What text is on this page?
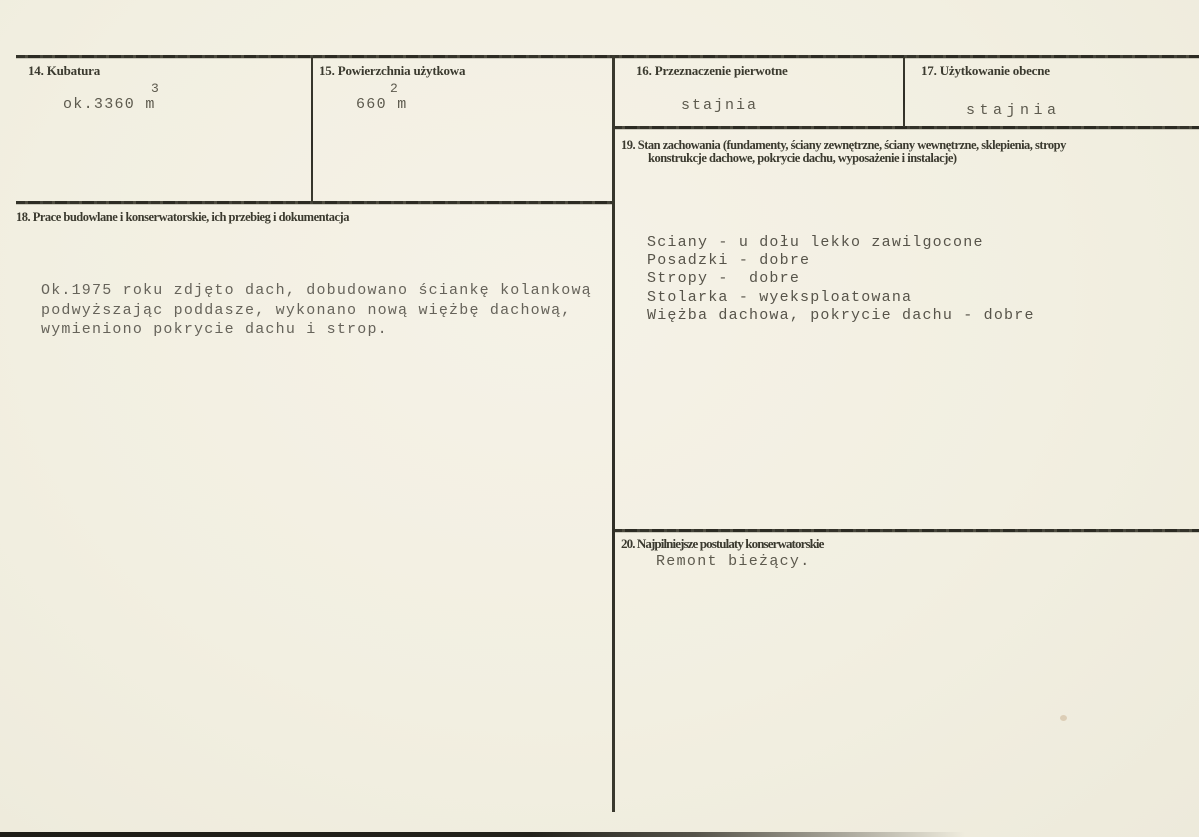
14. Kubatura
3
ok.3360 m
15. Powierzchnia użytkowa
2
660 m
16. Przeznaczenie pierwotne
stajnia
17. Użytkowanie obecne
stajnia
18. Prace budowlane i konserwatorskie, ich przebieg i dokumentacja
Ok.1975 roku zdjęto dach, dobudowano ściankę kolankową
podwyższając poddasze, wykonano nową więżbę dachową,
wymieniono pokrycie dachu i strop.
19. Stan zachowania (fundamenty, ściany zewnętrzne, ściany wewnętrzne, sklepienia, stropy
konstrukcje dachowe, pokrycie dachu, wyposażenie i instalacje)
Sciany - u dołu lekko zawilgocone
Posadzki - dobre
Stropy -  dobre
Stolarka - wyeksploatowana
Więżba dachowa, pokrycie dachu - dobre
20. Najpilniejsze postulaty konserwatorskie
Remont bieżący.
